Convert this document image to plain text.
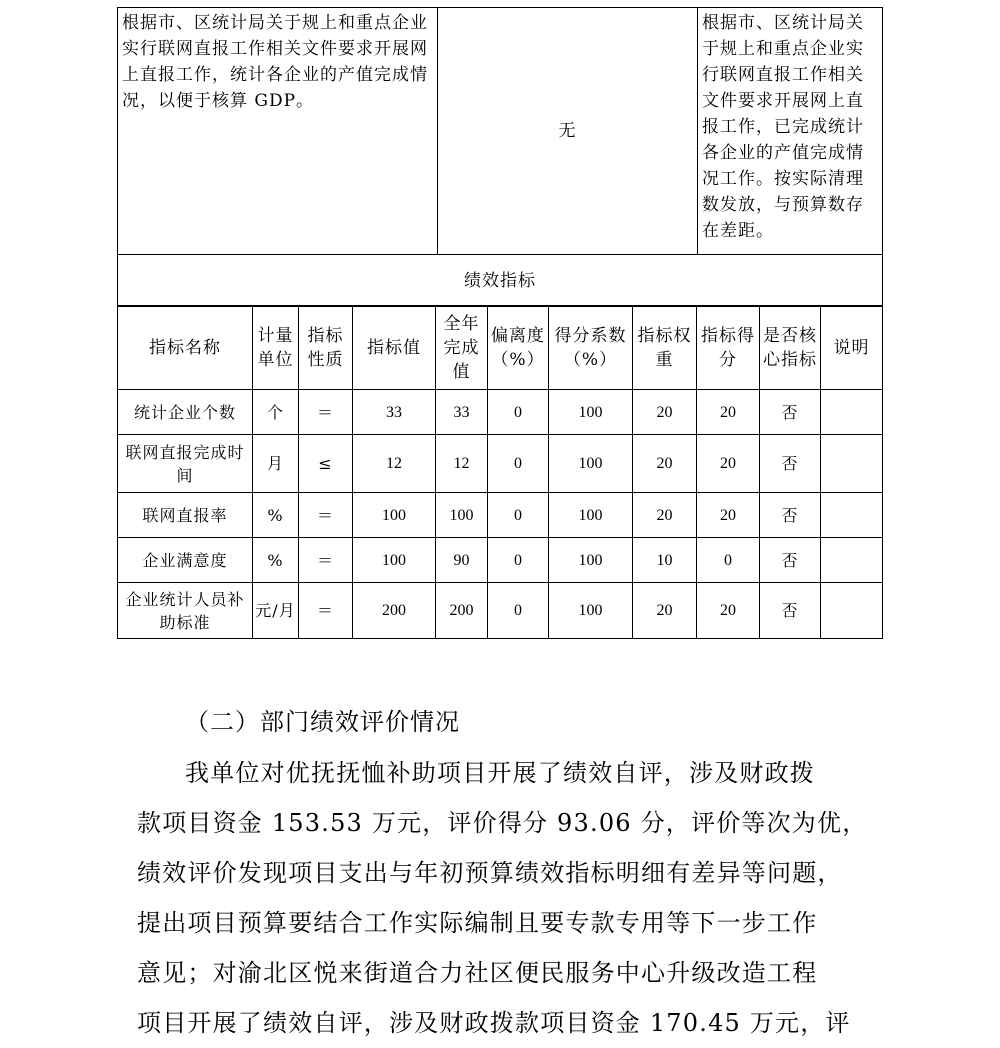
根据市、区统计局关于规上和重点企业实行联网直报工作相关文件要求开展网上直报工作，统计各企业的产值完成情况，以便于核算 GDP。	无	根据市、区统计局关于规上和重点企业实行联网直报工作相关文件要求开展网上直报工作，已完成统计各企业的产值完成情况工作。按实际清理数发放，与预算数存在差距。
绩效指标
指标名称	计量单位	指标性质	指标值	全年完成值	偏离度（%）	得分系数（%）	指标权重	指标得分	是否核心指标	说明
统计企业个数	个	＝	33	33	0	100	20	20	否	
联网直报完成时间	月	≤	12	12	0	100	20	20	否	
联网直报率	%	＝	100	100	0	100	20	20	否	
企业满意度	%	＝	100	90	0	100	10	0	否	
企业统计人员补助标准	元/月	＝	200	200	0	100	20	20	否	
（二）部门绩效评价情况
我单位对优抚抚恤补助项目开展了绩效自评，涉及财政拨
款项目资金 153.53 万元，评价得分 93.06 分，评价等次为优，
绩效评价发现项目支出与年初预算绩效指标明细有差异等问题，
提出项目预算要结合工作实际编制且要专款专用等下一步工作
意见；对渝北区悦来街道合力社区便民服务中心升级改造工程
项目开展了绩效自评，涉及财政拨款项目资金 170.45 万元，评
